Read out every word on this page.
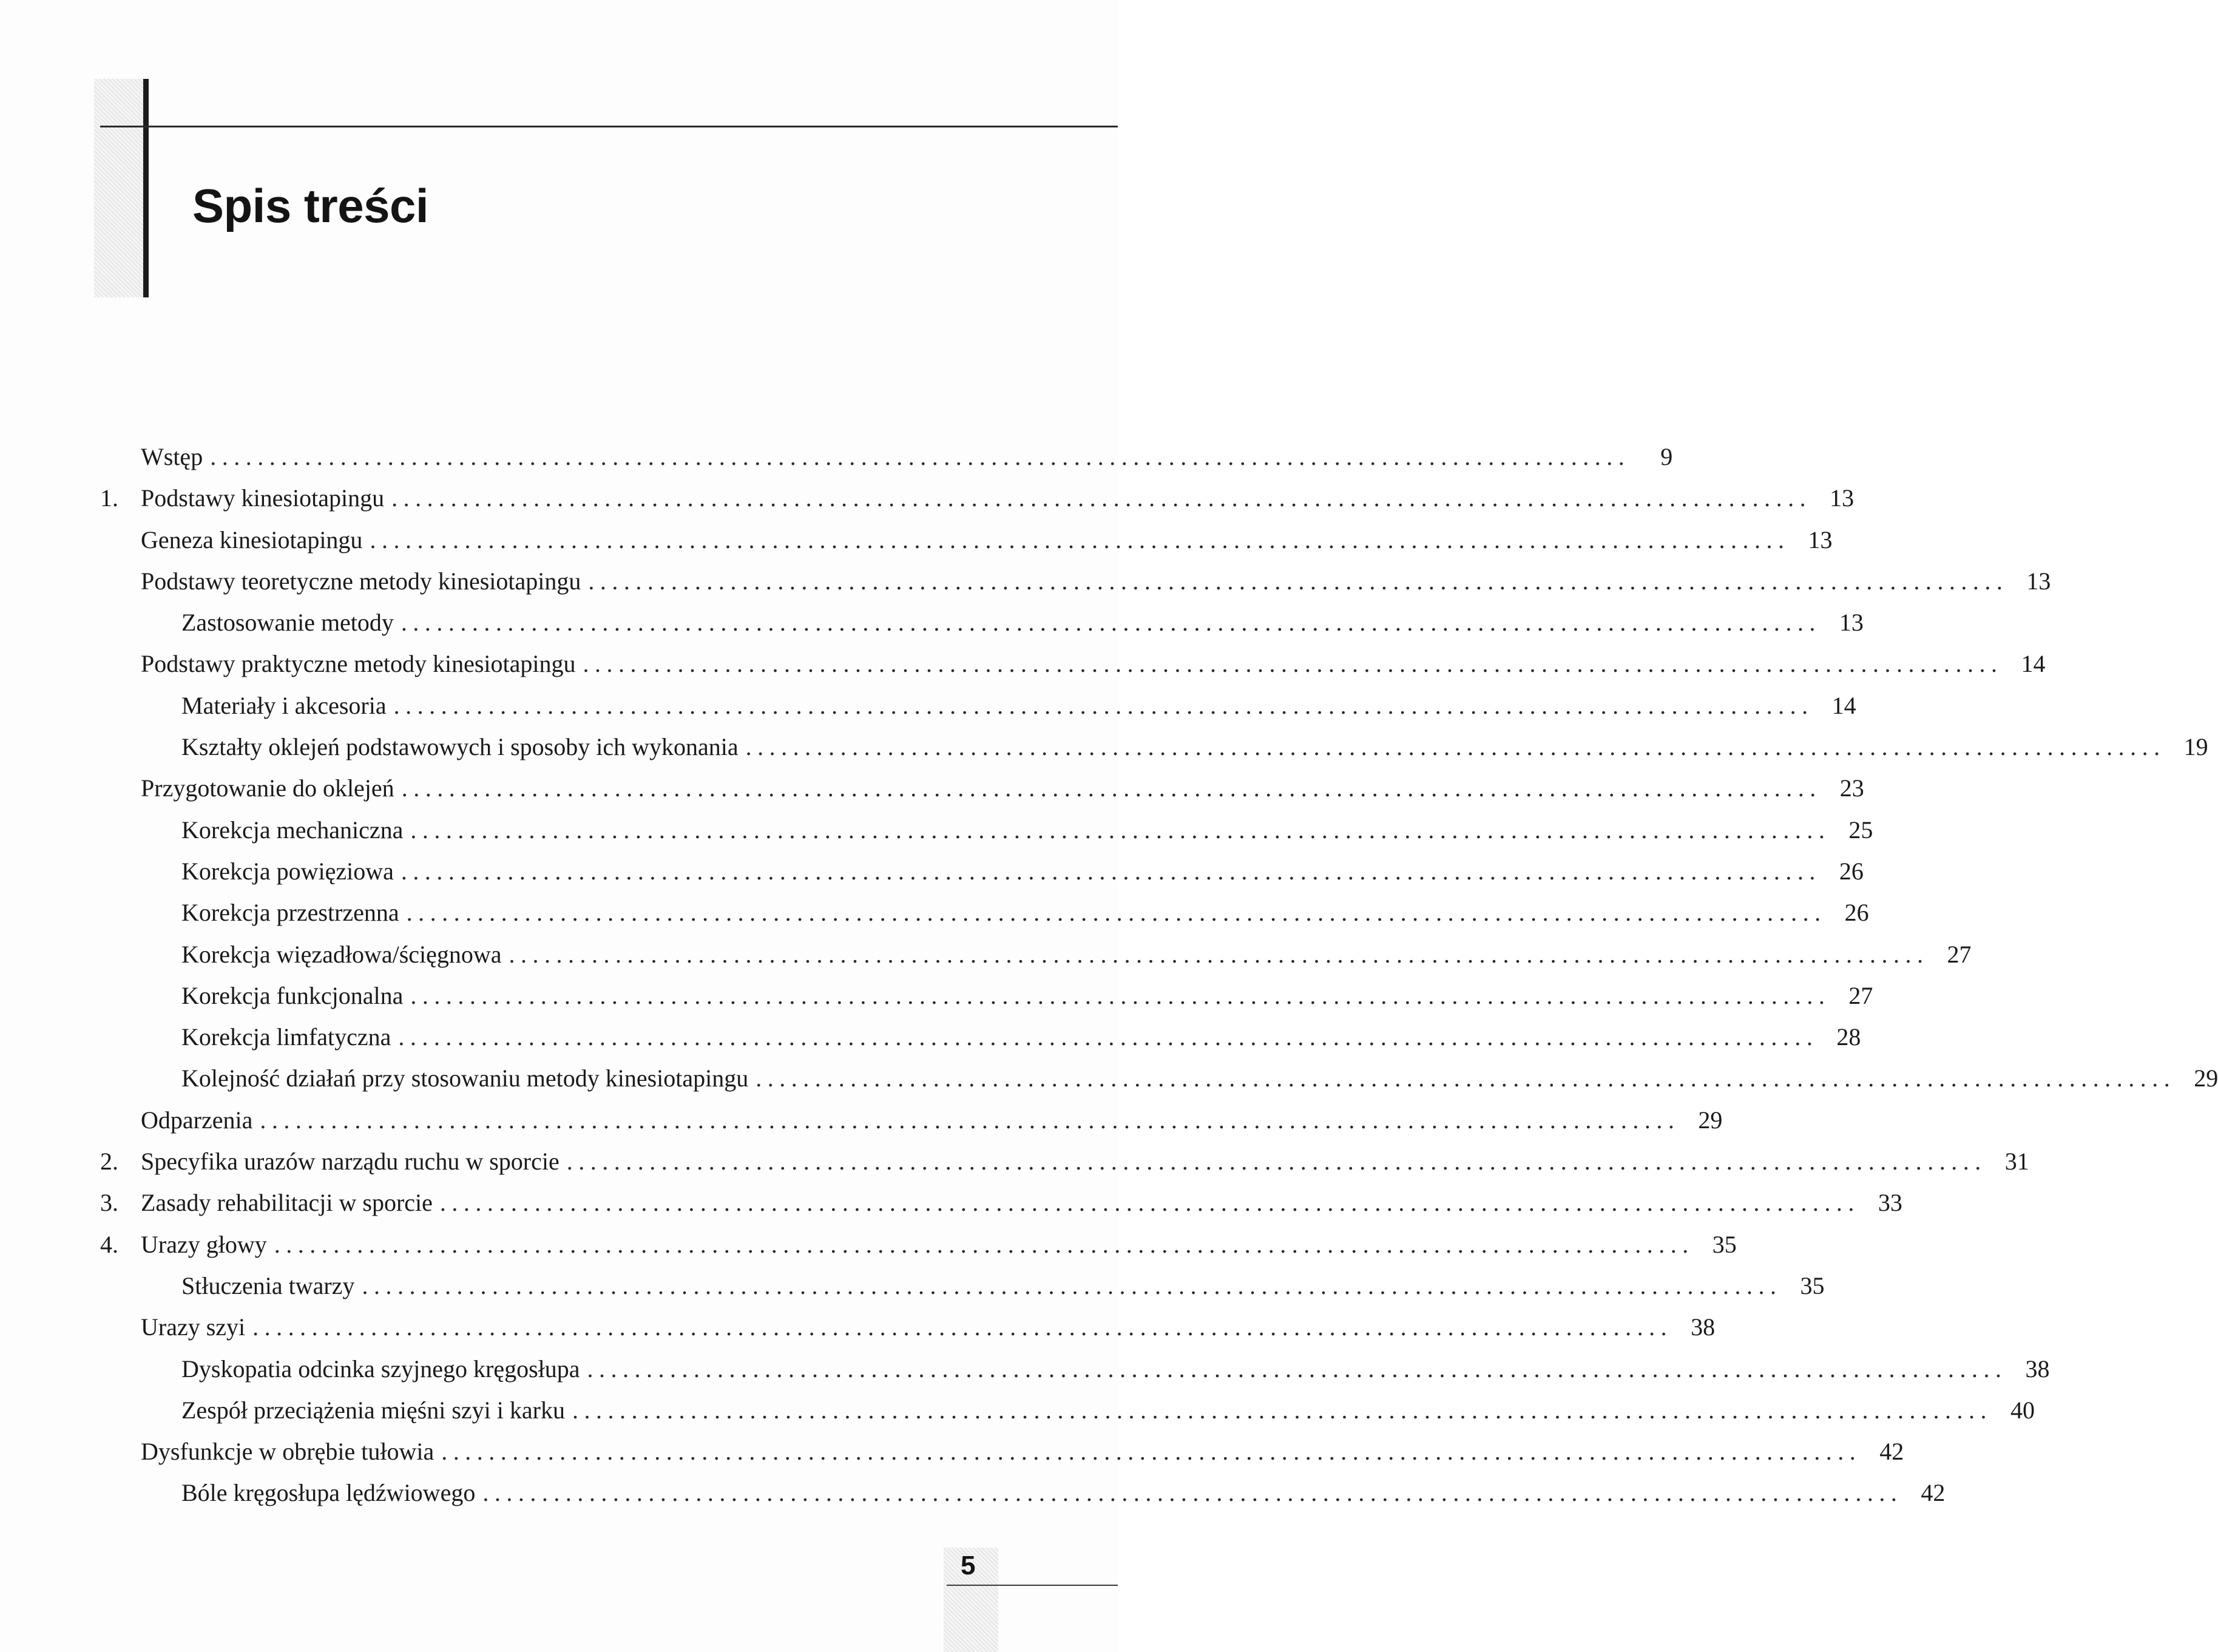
Spis treści
Wstęp ........................................................................................................................	9
1. Podstawy kinesiotapingu ........................................................................................................................ 13
Geneza kinesiotapingu ........................................................................................................................ 13
Podstawy teoretyczne metody kinesiotapingu ........................................................................................................................ 13
Zastosowanie metody ........................................................................................................................ 13
Podstawy praktyczne metody kinesiotapingu ........................................................................................................................ 14
Materiały i akcesoria ........................................................................................................................ 14
Kształty oklejeń podstawowych i sposoby ich wykonania ........................................................................................................................ 19
Przygotowanie do oklejeń ........................................................................................................................ 23
Korekcja mechaniczna ........................................................................................................................ 25
Korekcja powięziowa ........................................................................................................................ 26
Korekcja przestrzenna ........................................................................................................................ 26
Korekcja więzadłowa/ścięgnowa ........................................................................................................................ 27
Korekcja funkcjonalna ........................................................................................................................ 27
Korekcja limfatyczna ........................................................................................................................ 28
Kolejność działań przy stosowaniu metody kinesiotapingu ........................................................................................................................ 29
Odparzenia ........................................................................................................................ 29
2. Specyfika urazów narządu ruchu w sporcie ........................................................................................................................ 31
3. Zasady rehabilitacji w sporcie ........................................................................................................................ 33
4. Urazy głowy ........................................................................................................................ 35
Stłuczenia twarzy ........................................................................................................................ 35
Urazy szyi ........................................................................................................................ 38
Dyskopatia odcinka szyjnego kręgosłupa ........................................................................................................................ 38
Zespół przeciążenia mięśni szyi i karku ........................................................................................................................ 40
Dysfunkcje w obrębie tułowia ........................................................................................................................ 42
Bóle kręgosłupa lędźwiowego ........................................................................................................................ 42
5
